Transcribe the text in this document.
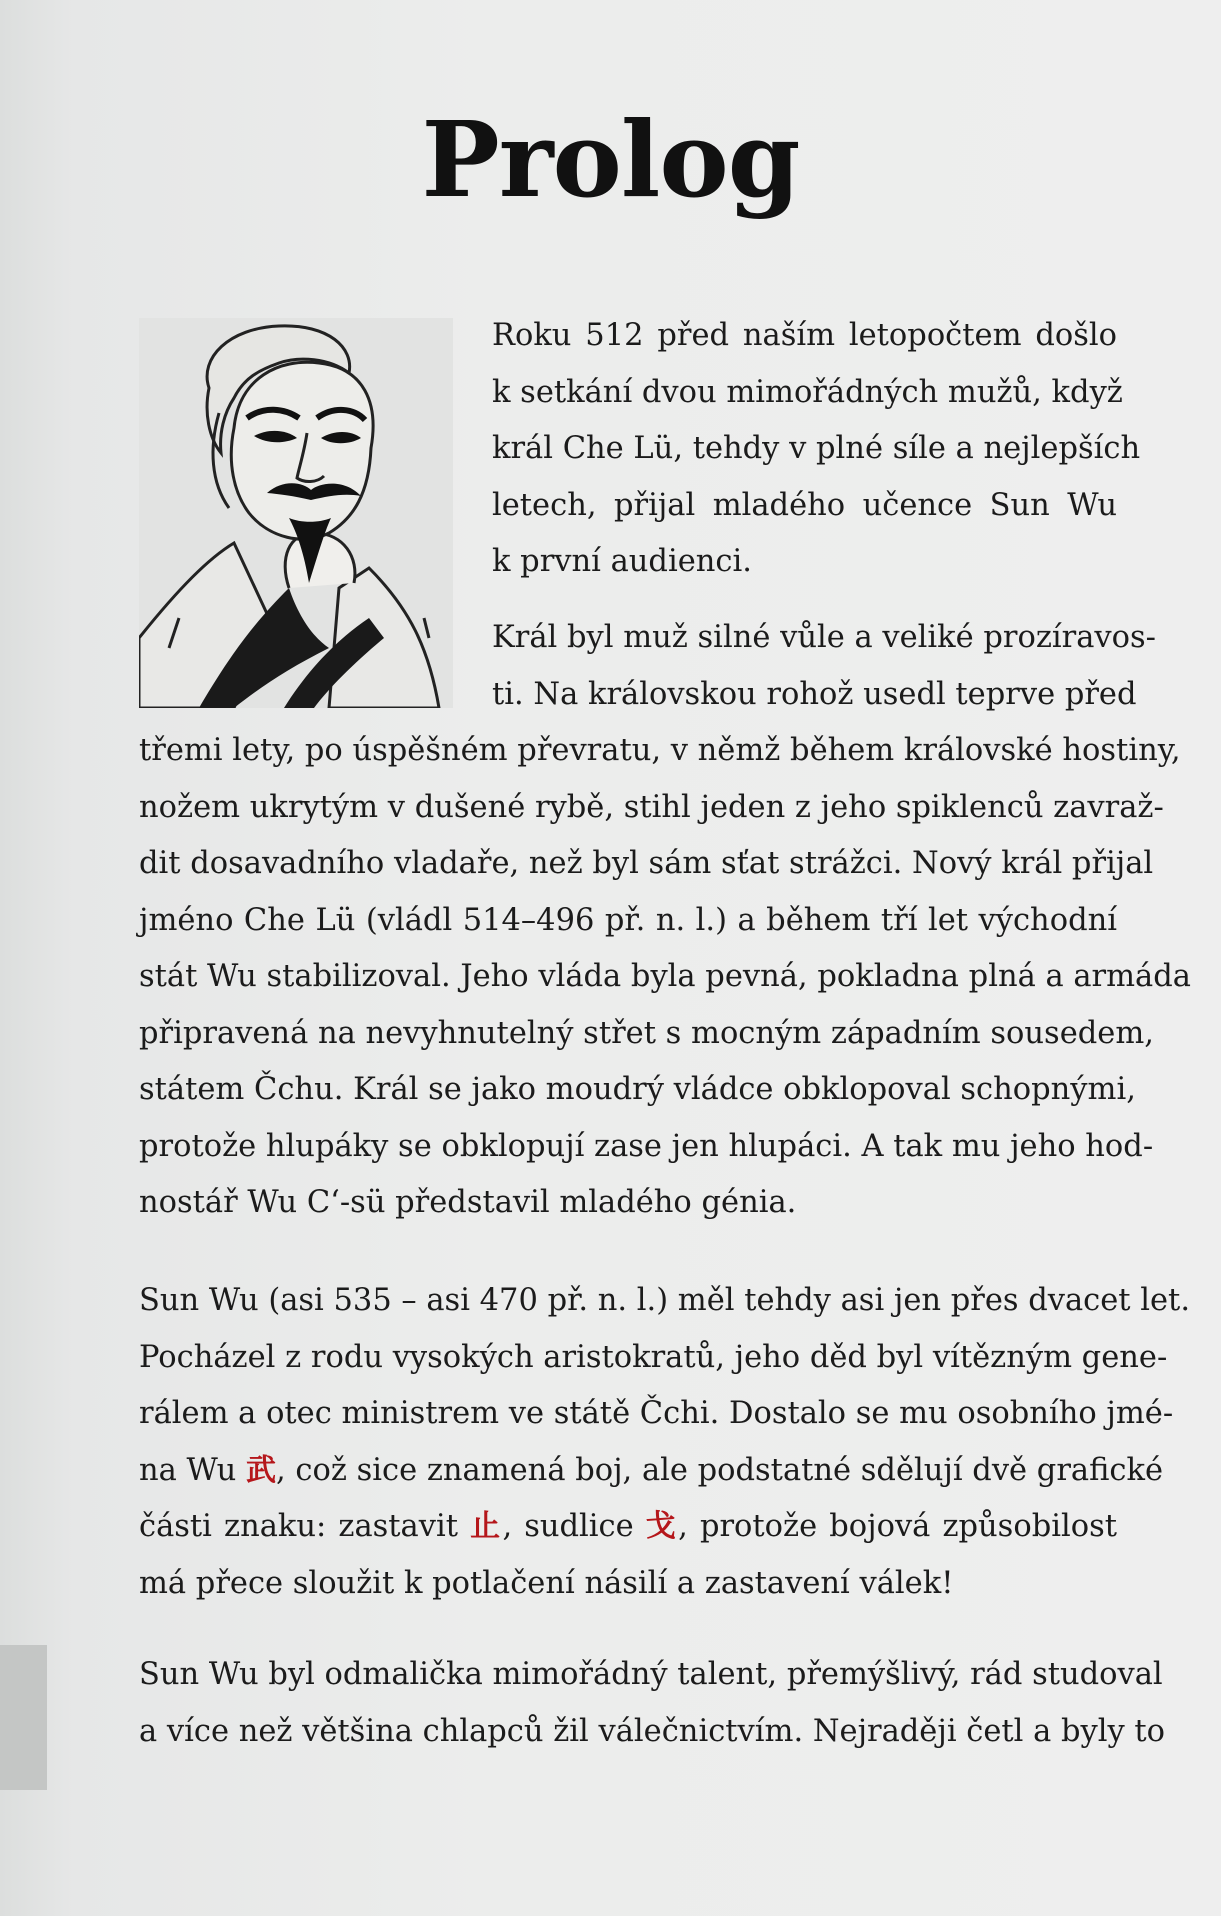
Prolog

Roku 512 před naším letopočtem došlo
k setkání dvou mimořádných mužů, když
král Che Lü, tehdy v plné síle a nejlepších
letech, přijal mladého učence Sun Wu
k první audienci.

Král byl muž silné vůle a veliké prozíravos-
ti. Na královskou rohož usedl teprve před
třemi lety, po úspěšném převratu, v němž během královské hostiny,
nožem ukrytým v dušené rybě, stihl jeden z jeho spiklenců zavraž-
dit dosavadního vladaře, než byl sám sťat strážci. Nový král přijal
jméno Che Lü (vládl 514–496 př. n. l.) a během tří let východní
stát Wu stabilizoval. Jeho vláda byla pevná, pokladna plná a armáda
připravená na nevyhnutelný střet s mocným západním sousedem,
státem Čchu. Král se jako moudrý vládce obklopoval schopnými,
protože hlupáky se obklopují zase jen hlupáci. A tak mu jeho hod-
nostář Wu C‘-sü představil mladého génia.

Sun Wu (asi 535 – asi 470 př. n. l.) měl tehdy asi jen přes dvacet let.
Pocházel z rodu vysokých aristokratů, jeho děd byl vítězným gene-
rálem a otec ministrem ve státě Čchi. Dostalo se mu osobního jmé-
na Wu 武, což sice znamená boj, ale podstatné sdělují dvě grafické
části znaku: zastavit 止, sudlice 戈, protože bojová způsobilost
má přece sloužit k potlačení násilí a zastavení válek!

Sun Wu byl odmalička mimořádný talent, přemýšlivý, rád studoval
a více než většina chlapců žil válečnictvím. Nejraději četl a byly to
